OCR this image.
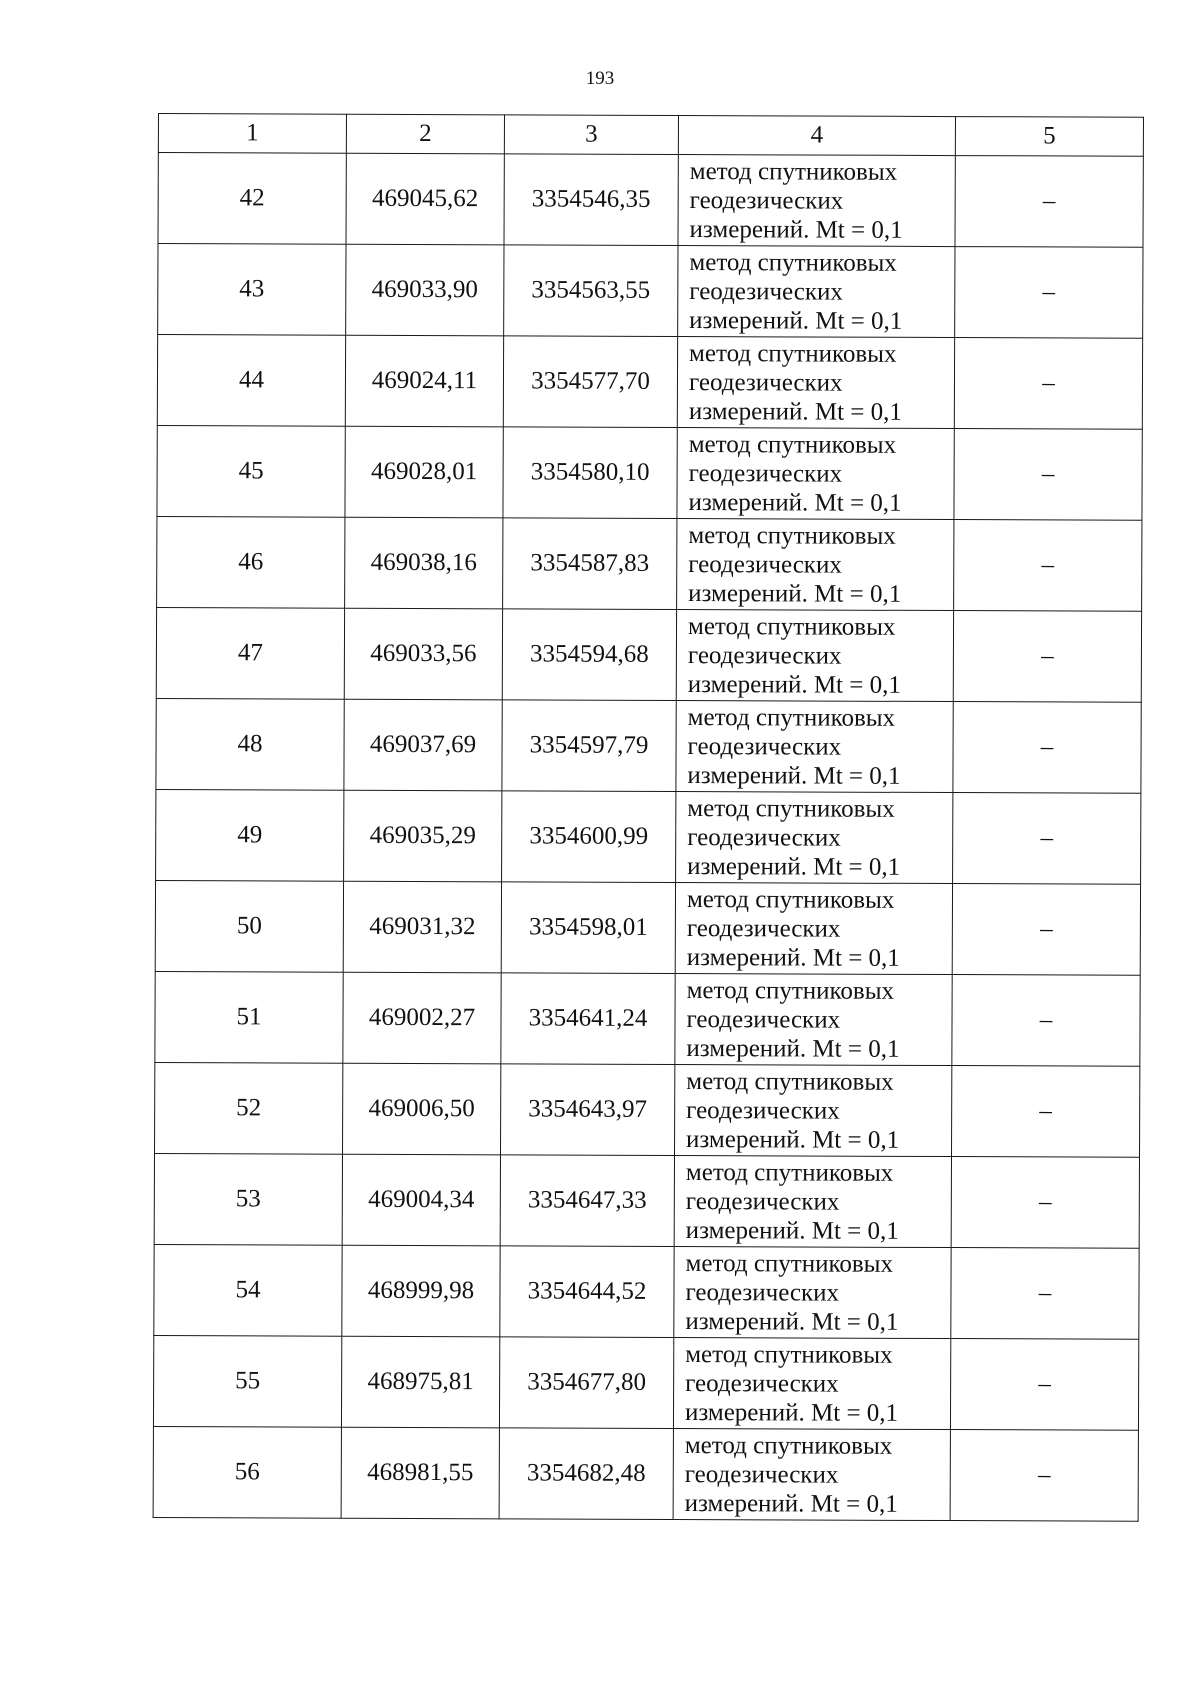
193
1	2	3	4	5
42	469045,62	3354546,35	метод спутниковых
геодезических
измерений. Mt = 0,1	–
43	469033,90	3354563,55	метод спутниковых
геодезических
измерений. Mt = 0,1	–
44	469024,11	3354577,70	метод спутниковых
геодезических
измерений. Mt = 0,1	–
45	469028,01	3354580,10	метод спутниковых
геодезических
измерений. Mt = 0,1	–
46	469038,16	3354587,83	метод спутниковых
геодезических
измерений. Mt = 0,1	–
47	469033,56	3354594,68	метод спутниковых
геодезических
измерений. Mt = 0,1	–
48	469037,69	3354597,79	метод спутниковых
геодезических
измерений. Mt = 0,1	–
49	469035,29	3354600,99	метод спутниковых
геодезических
измерений. Mt = 0,1	–
50	469031,32	3354598,01	метод спутниковых
геодезических
измерений. Mt = 0,1	–
51	469002,27	3354641,24	метод спутниковых
геодезических
измерений. Mt = 0,1	–
52	469006,50	3354643,97	метод спутниковых
геодезических
измерений. Mt = 0,1	–
53	469004,34	3354647,33	метод спутниковых
геодезических
измерений. Mt = 0,1	–
54	468999,98	3354644,52	метод спутниковых
геодезических
измерений. Mt = 0,1	–
55	468975,81	3354677,80	метод спутниковых
геодезических
измерений. Mt = 0,1	–
56	468981,55	3354682,48	метод спутниковых
геодезических
измерений. Mt = 0,1	–
